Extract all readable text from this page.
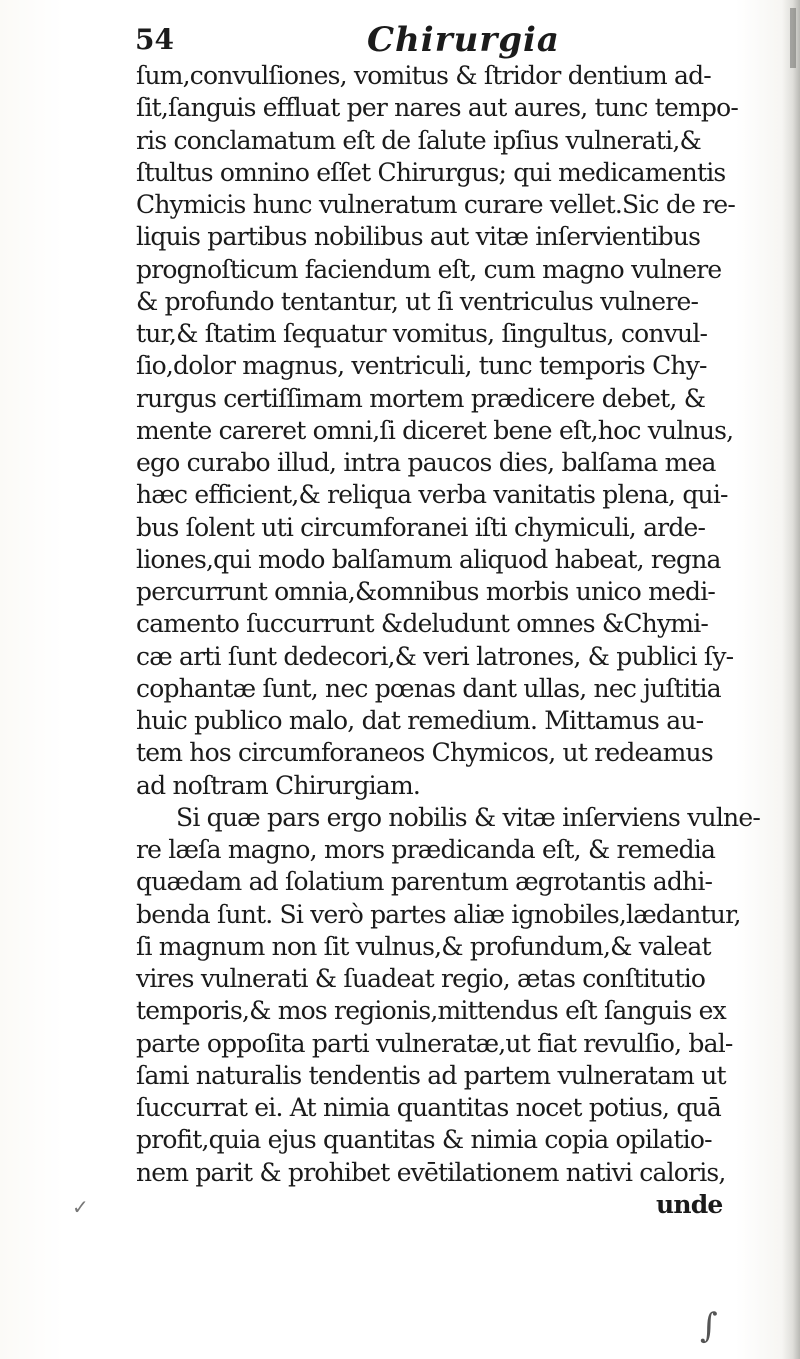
54	Chirurgia
ſum,convulſiones, vomitus & ſtridor dentium ad-
ſit,ſanguis effluat per nares aut aures, tunc tempo-
ris conclamatum eſt de ſalute ipſius vulnerati,&
ſtultus omnino eſſet Chirurgus; qui medicamentis
Chymicis hunc vulneratum curare vellet.Sic de re-
liquis partibus nobilibus aut vitæ inſervientibus
prognoſticum faciendum eſt, cum magno vulnere
& profundo tentantur, ut ſi ventriculus vulnere-
tur,& ſtatim ſequatur vomitus, ſingultus, convul-
ſio,dolor magnus, ventriculi, tunc temporis Chy-
rurgus certiſſimam mortem prædicere debet, &
mente careret omni,ſi diceret bene eſt,hoc vulnus,
ego curabo illud, intra paucos dies, balſama mea
hæc efficient,& reliqua verba vanitatis plena, qui-
bus ſolent uti circumforanei iſti chymiculi, arde-
liones,qui modo balſamum aliquod habeat, regna
percurrunt omnia,&omnibus morbis unico medi-
camento ſuccurrunt &deludunt omnes &Chymi-
cæ arti ſunt dedecori,& veri latrones, & publici ſy-
cophantæ ſunt, nec pœnas dant ullas, nec juſtitia
huic publico malo, dat remedium. Mittamus au-
tem hos circumforaneos Chymicos, ut redeamus
ad noſtram Chirurgiam.
Si quæ pars ergo nobilis & vitæ inſerviens vulne-
re læſa magno, mors prædicanda eſt, & remedia
quædam ad ſolatium parentum ægrotantis adhi-
benda ſunt. Si verò partes aliæ ignobiles,lædantur,
ſi magnum non ſit vulnus,& profundum,& valeat
vires vulnerati & ſuadeat regio, ætas conſtitutio
temporis,& mos regionis,mittendus eſt ſanguis ex
parte oppoſita parti vulneratæ,ut fiat revulſio, bal-
ſami naturalis tendentis ad partem vulneratam ut
ſuccurrat ei. At nimia quantitas nocet potius, quā
profit,quia ejus quantitas & nimia copia opilatio-
nem parit & prohibet evētilationem nativi caloris,
unde
✓
∫
